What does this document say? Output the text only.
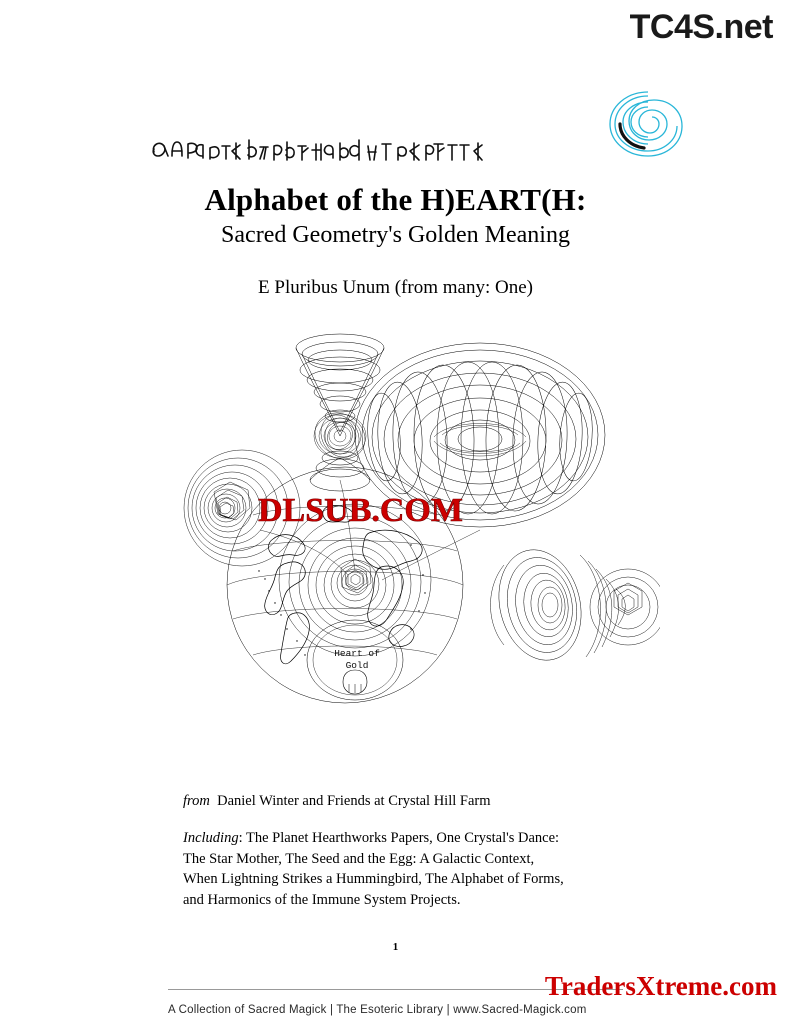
TC4S.net
Alphabet of the H)EART(H:
Sacred Geometry's Golden Meaning
E Pluribus Unum (from many: One)
Heart of
Gold
DLSUB.COM
from Daniel Winter and Friends at Crystal Hill Farm
Including: The Planet Hearthworks Papers, One Crystal's Dance:
The Star Mother, The Seed and the Egg: A Galactic Context,
When Lightning Strikes a Hummingbird, The Alphabet of Forms,
and Harmonics of the Immune System Projects.
1
A Collection of Sacred Magick | The Esoteric Library | www.Sacred-Magick.com
TradersXtreme.com
